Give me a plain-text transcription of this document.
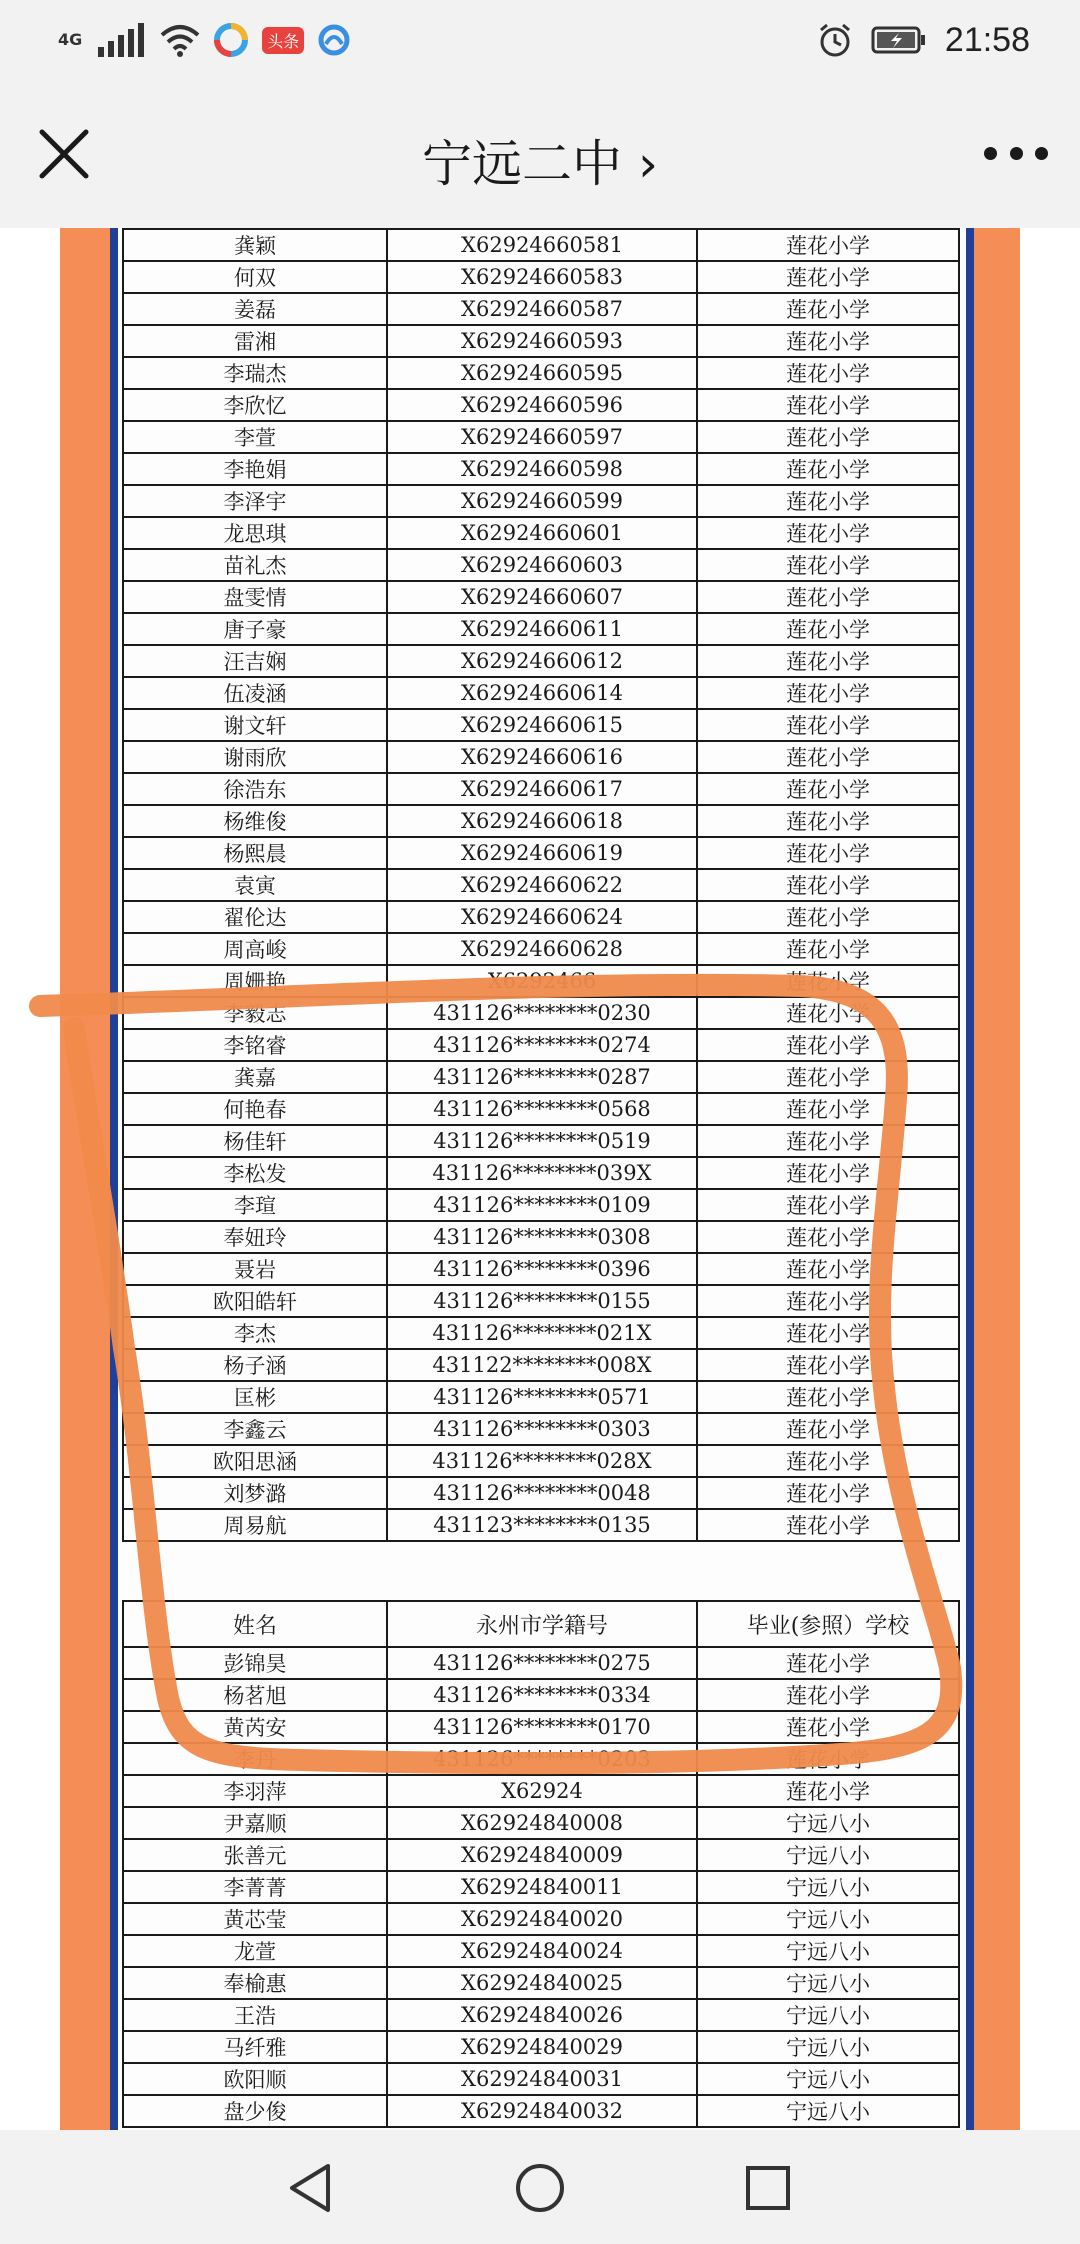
4G	头条	21:58
宁远二中 ›
龚颖	X62924660581	莲花小学
何双	X62924660583	莲花小学
姜磊	X62924660587	莲花小学
雷湘	X62924660593	莲花小学
李瑞杰	X62924660595	莲花小学
李欣忆	X62924660596	莲花小学
李萱	X62924660597	莲花小学
李艳娟	X62924660598	莲花小学
李泽宇	X62924660599	莲花小学
龙思琪	X62924660601	莲花小学
苗礼杰	X62924660603	莲花小学
盘雯情	X62924660607	莲花小学
唐子豪	X62924660611	莲花小学
汪吉娴	X62924660612	莲花小学
伍凌涵	X62924660614	莲花小学
谢文轩	X62924660615	莲花小学
谢雨欣	X62924660616	莲花小学
徐浩东	X62924660617	莲花小学
杨维俊	X62924660618	莲花小学
杨熙晨	X62924660619	莲花小学
袁寅	X62924660622	莲花小学
翟伦达	X62924660624	莲花小学
周高峻	X62924660628	莲花小学
周姗艳	X6292466	莲花小学
李毅志	431126********0230	莲花小学
李铭睿	431126********0274	莲花小学
龚嘉	431126********0287	莲花小学
何艳春	431126********0568	莲花小学
杨佳轩	431126********0519	莲花小学
李松发	431126********039X	莲花小学
李瑄	431126********0109	莲花小学
奉妞玲	431126********0308	莲花小学
聂岩	431126********0396	莲花小学
欧阳皓轩	431126********0155	莲花小学
李杰	431126********021X	莲花小学
杨子涵	431122********008X	莲花小学
匡彬	431126********0571	莲花小学
李鑫云	431126********0303	莲花小学
欧阳思涵	431126********028X	莲花小学
刘梦潞	431126********0048	莲花小学
周易航	431123********0135	莲花小学
姓名	永州市学籍号	毕业(参照）学校
彭锦昊	431126********0275	莲花小学
杨茗旭	431126********0334	莲花小学
黄芮安	431126********0170	莲花小学
李丹	431126********0203	莲花小学
李羽萍	X62924	莲花小学
尹嘉顺	X62924840008	宁远八小
张善元	X62924840009	宁远八小
李菁菁	X62924840011	宁远八小
黄芯莹	X62924840020	宁远八小
龙萱	X62924840024	宁远八小
奉榆惠	X62924840025	宁远八小
王浩	X62924840026	宁远八小
马纤雅	X62924840029	宁远八小
欧阳顺	X62924840031	宁远八小
盘少俊	X62924840032	宁远八小
